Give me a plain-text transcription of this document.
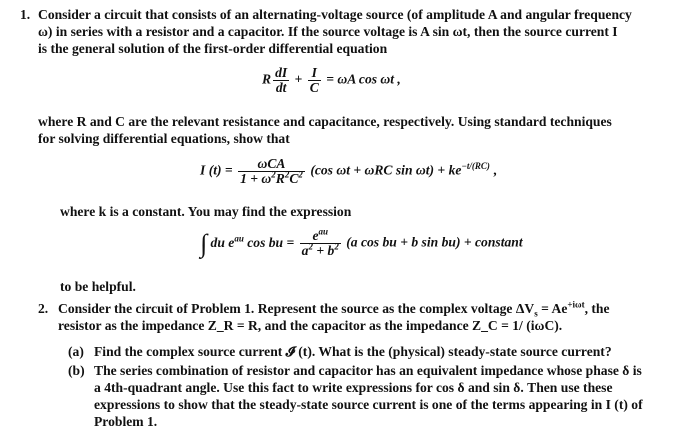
1. Consider a circuit that consists of an alternating-voltage source (of amplitude A and angular frequency
ω) in series with a resistor and a capacitor. If the source voltage is A sin ωt, then the source current I
is the general solution of the first-order differential equation
R $\frac{dI}{dt} + \frac{I}{C} = \omega A$ cos ωt ,
where R and C are the relevant resistance and capacitance, respectively. Using standard techniques
for solving differential equations, show that
I $(t) = \frac{\text{ωCA}}{1 + \omega^2R^2C^2} (\cos$ ωt + ωRC $\sin \omega t) + ke^{-t/(RC)}$ ,
where k is a constant. You may find the expression
∫ du $e^{au}$ cos bu = $\frac{e^{au}}{a^2 + b^2} (a$ cos bu + b sin bu) + constant
to be helpful.
2. Consider the circuit of Problem 1. Represent the source as the complex voltage $\Delta V_s = Ae^{+i\omega t}$, the
resistor as the impedance Z_R = R, and the capacitor as the impedance Z_C = 1/ (iωC).
(a) Find the complex source current 𝓘 (t). What is the (physical) steady-state source current?
(b) The series combination of resistor and capacitor has an equivalent impedance whose phase δ is
a 4th-quadrant angle. Use this fact to write expressions for cos δ and sin δ. Then use these
expressions to show that the steady-state source current is one of the terms appearing in I (t) of
Problem 1.
